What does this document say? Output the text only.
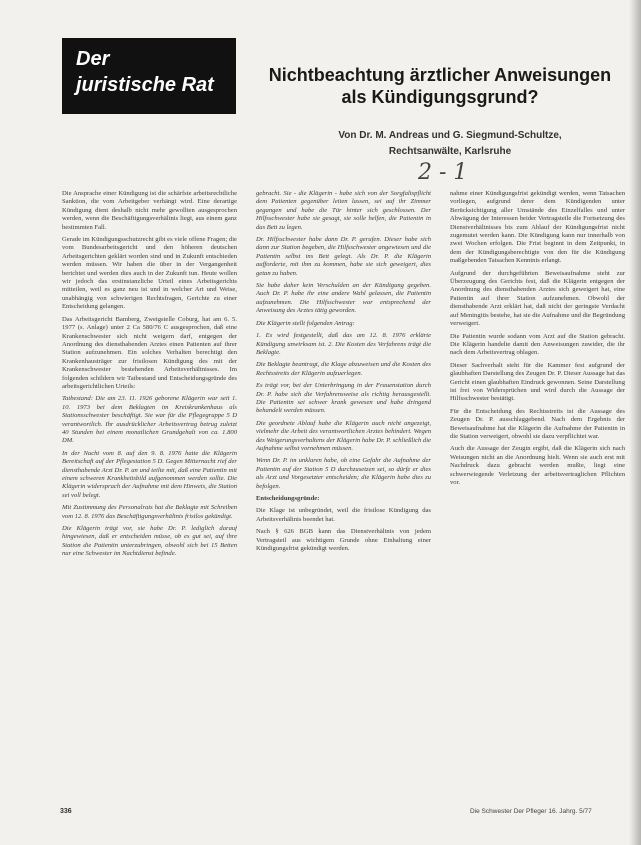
Der
juristische Rat	Nichtbeachtung ärztlicher Anweisungen
als Kündigungsgrund?
Von Dr. M. Andreas und G. Siegmund-Schultze,
Rechtsanwälte, Karlsruhe
2 - 1

Die Ansprache einer Kündigung ist die schärfste arbeitsrechtliche Sanktion, die vom Arbeitgeber verhängt wird. Eine derartige Kündigung dient deshalb nicht mehr gewollten ausgesprochen werden, wenn die Beschäftigungsverhältnis liegt, aus einem ganz bestimmten Fall.

Gerade im Kündigungsschutzrecht gibt es viele offene Fragen; die vom Bundesarbeitsgericht und den höheren deutschen Arbeitsgerichten geklärt worden sind und in Zukunft entschieden werden müssen. Wir haben die über in der Vergangenheit berichtet und werden dies auch in der Zukunft tun. Heute wollen wir jedoch das erstinstanzliche Urteil eines Arbeitsgerichts mitteilen, weil es ganz neu ist und in welcher Art und Weise, unabhängig von schwierigen Rechtsfragen, Gerichte zu einer Entscheidung gelangen.

Das Arbeitsgericht Bamberg, Zweigstelle Coburg, hat am 6. 5. 1977 (s. Anlage) unter 2 Ca 580/76 C ausgesprochen, daß eine Krankenschwester sich nicht weigern darf, entgegen der Anordnung des diensthabenden Arztes einen Patienten auf ihrer Station aufzunehmen. Ein solches Verhalten berechtigt den Krankenhausträger zur fristlosen Kündigung des mit der Krankenschwester bestehenden Arbeitsverhältnisses. Im folgenden schildern wir Tatbestand und Entscheidungsgründe des arbeitsgerichtlichen Urteils:

Tatbestand: Die am 23. 11. 1926 geborene Klägerin war seit 1. 10. 1973 bei dem Beklagten im Kreiskrankenhaus als Stationsschwester beschäftigt. Sie war für die Pflegegruppe 5 D verantwortlich. Ihr ausdrücklicher Arbeitsvertrag betrug zuletzt 40 Stunden bei einem monatlichen Grundgehalt von ca. 1.800 DM.

In der Nacht vom 8. auf den 9. 8. 1976 hatte die Klägerin Bereitschaft auf der Pflegestation 5 D. Gegen Mitternacht rief der diensthabende Arzt Dr. P. an und teilte mit, daß eine Patientin mit einem schweren Krankheitsbild aufgenommen werden sollte. Die Klägerin widersprach der Aufnahme mit dem Hinweis, die Station sei voll belegt.

Mit Zustimmung des Personalrats hat die Beklagte mit Schreiben vom 12. 8. 1976 das Beschäftigungsverhältnis fristlos gekündigt.

Die Klägerin trägt vor, sie habe Dr. P. lediglich darauf hingewiesen, daß er entscheiden müsse, ob es gut sei, auf ihre Station die Patientin unterzubringen, obwohl sich bei 15 Betten nur eine Schwester im Nachtdienst befinde.

gebracht. Sie - die Klägerin - habe sich von der Sorgfaltspflicht dem Patienten gegenüber leiten lassen, sei auf ihr Zimmer gegangen und habe die Tür hinter sich geschlossen. Der Hilfsschwester habe sie gesagt, sie solle helfen, die Patientin in das Bett zu legen.

Dr. Hilfsschwester habe dann Dr. P. gerufen. Dieser habe sich dann zur Station begeben, die Hilfsschwester angewiesen und die Patientin selbst ins Bett gelegt. Als Dr. P. die Klägerin aufforderte, mit ihm zu kommen, habe sie sich geweigert, dies getan zu haben.

Sie habe daher kein Verschulden an der Kündigung gegeben. Auch Dr. P. habe ihr eine andere Wahl gelassen, die Patientin aufzunehmen. Die Hilfsschwester war entsprechend der Anweisung des Arztes tätig geworden.

Die Klägerin stellt folgenden Antrag:

1. Es wird festgestellt, daß das am 12. 8. 1976 erklärte Kündigung unwirksam ist. 2. Die Kosten des Verfahrens trägt die Beklagte.

Die Beklagte beantragt, die Klage abzuweisen und die Kosten des Rechtsstreits der Klägerin aufzuerlegen.

Es trägt vor, bei der Unterbringung in der Frauenstation durch Dr. P. habe sich die Verfahrensweise als richtig herausgestellt. Die Patientin sei schwer krank gewesen und habe dringend behandelt werden müssen.

Die geordnete Ablauf habe die Klägerin auch nicht angezeigt, vielmehr die Arbeit des verantwortlichen Arztes behindert. Wegen des Weigerungsverhaltens der Klägerin habe Dr. P. schließlich die Aufnahme selbst vornehmen müssen.

Wenn Dr. P. im unklaren habe, ob eine Gefahr die Aufnahme der Patientin auf der Station 5 D durchzusetzen sei, so dürfe er dies als Arzt und Vorgesetzter entscheiden; die Klägerin habe dies zu befolgen.

Entscheidungsgründe:

Die Klage ist unbegründet, weil die fristlose Kündigung das Arbeitsverhältnis beendet hat.

Nach § 626 BGB kann das Dienstverhältnis von jedem Vertragsteil aus wichtigem Grunde ohne Einhaltung einer Kündigungsfrist gekündigt werden.

nahme einer Kündigungsfrist gekündigt werden, wenn Tatsachen vorliegen, aufgrund derer dem Kündigenden unter Berücksichtigung aller Umstände des Einzelfalles und unter Abwägung der Interessen beider Vertragsteile die Fortsetzung des Dienstverhältnisses bis zum Ablauf der Kündigungsfrist nicht zugemutet werden kann. Die Kündigung kann nur innerhalb von zwei Wochen erfolgen. Die Frist beginnt in dem Zeitpunkt, in dem der Kündigungsberechtigte von den für die Kündigung maßgebenden Tatsachen Kenntnis erlangt.

Aufgrund der durchgeführten Beweisaufnahme steht zur Überzeugung des Gerichts fest, daß die Klägerin entgegen der Anordnung des diensthabenden Arztes sich geweigert hat, eine Patientin auf ihrer Station aufzunehmen. Obwohl der diensthabende Arzt erklärt hat, daß nicht der geringste Verdacht auf Meningitis bestehe, hat sie die Aufnahme und die Begründung verweigert.

Die Patientin wurde sodann vom Arzt auf die Station gebracht. Die Klägerin handelte damit den Anweisungen zuwider, die ihr nach dem Arbeitsvertrag oblagen.

Dieser Sachverhalt steht für die Kammer fest aufgrund der glaubhaften Darstellung des Zeugen Dr. P. Dieser Aussage hat das Gericht einen glaubhaften Eindruck gewonnen. Seine Darstellung ist frei von Widersprüchen und wird durch die Aussage der Hilfsschwester bestätigt.

Für die Entscheidung des Rechtsstreits ist die Aussage des Zeugen Dr. P. ausschlaggebend. Nach dem Ergebnis der Beweisaufnahme hat die Klägerin die Aufnahme der Patientin in die Station verweigert, obwohl sie dazu verpflichtet war.

Auch die Aussage der Zeugin ergibt, daß die Klägerin sich nach Weisungen nicht an die Anordnung hielt. Wenn sie auch erst mit Nachdruck dazu gebracht werden mußte, liegt eine schwerwiegende Verletzung der arbeitsvertraglichen Pflichten vor.

336	Die Schwester Der Pfleger 16. Jahrg. 5/77
